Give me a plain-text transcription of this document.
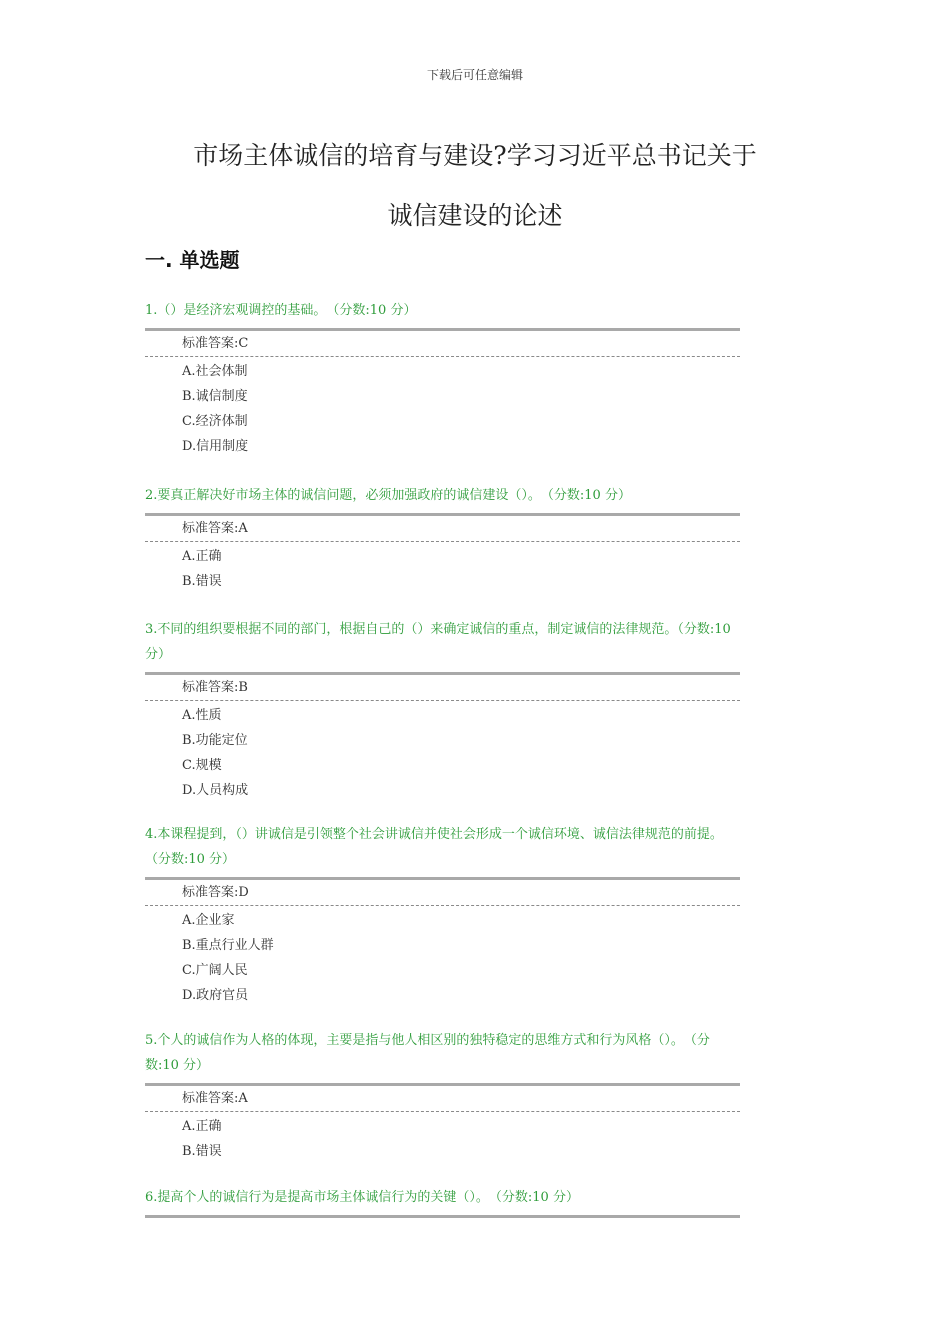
下载后可任意编辑
市场主体诚信的培育与建设?学习习近平总书记关于
诚信建设的论述
一. 单选题

1.（）是经济宏观调控的基础。　（分数:10 分）

标准答案:C
A.社会体制
B.诚信制度
C.经济体制
D.信用制度

2.要真正解决好市场主体的诚信问题，必须加强政府的诚信建设（）。　（分数:10 分）

标准答案:A
A.正确
B.错误

3.不同的组织要根据不同的部门，根据自己的（）来确定诚信的重点，制定诚信的法律规范。（分数:10 分）

标准答案:B
A.性质
B.功能定位
C.规模
D.人员构成

4.本课程提到，（）讲诚信是引领整个社会讲诚信并使社会形成一个诚信环境、诚信法律规范的前提。　（分数:10 分）

标准答案:D
A.企业家
B.重点行业人群
C.广阔人民
D.政府官员

5.个人的诚信作为人格的体现，主要是指与他人相区别的独特稳定的思维方式和行为风格（）。　（分数:10 分）

标准答案:A
A.正确
B.错误

6.提高个人的诚信行为是提高市场主体诚信行为的关键（）。　（分数:10 分）
